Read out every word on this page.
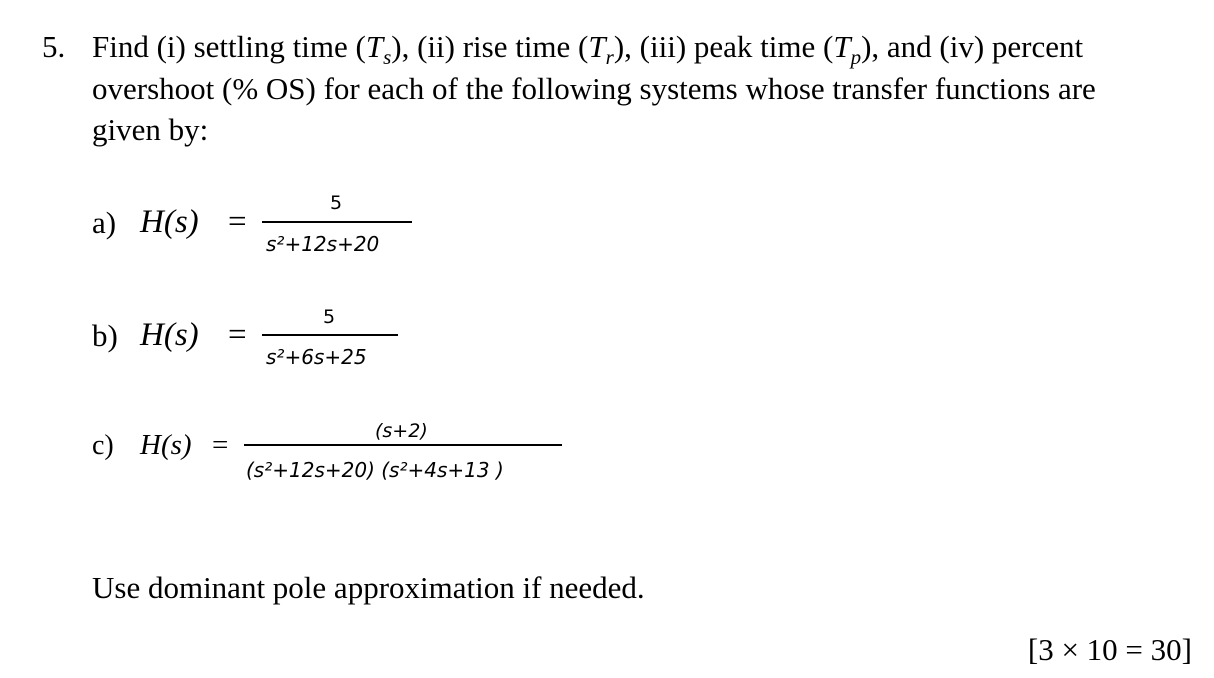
5. Find (i) settling time $(T_s)$, (ii) rise time $(T_r)$, (iii) peak time $(T_p)$, and (iv) percent
overshoot (% OS) for each of the following systems whose transfer functions are
given by:
a) H(s) =
5
s²+12s+20
b) H(s) =	5
s²+6s+25
c) H(s) =	(s+2)
(s²+12s+20) (s²+4s+13 )
Use dominant pole approximation if needed.
[3 × 10 = 30]
